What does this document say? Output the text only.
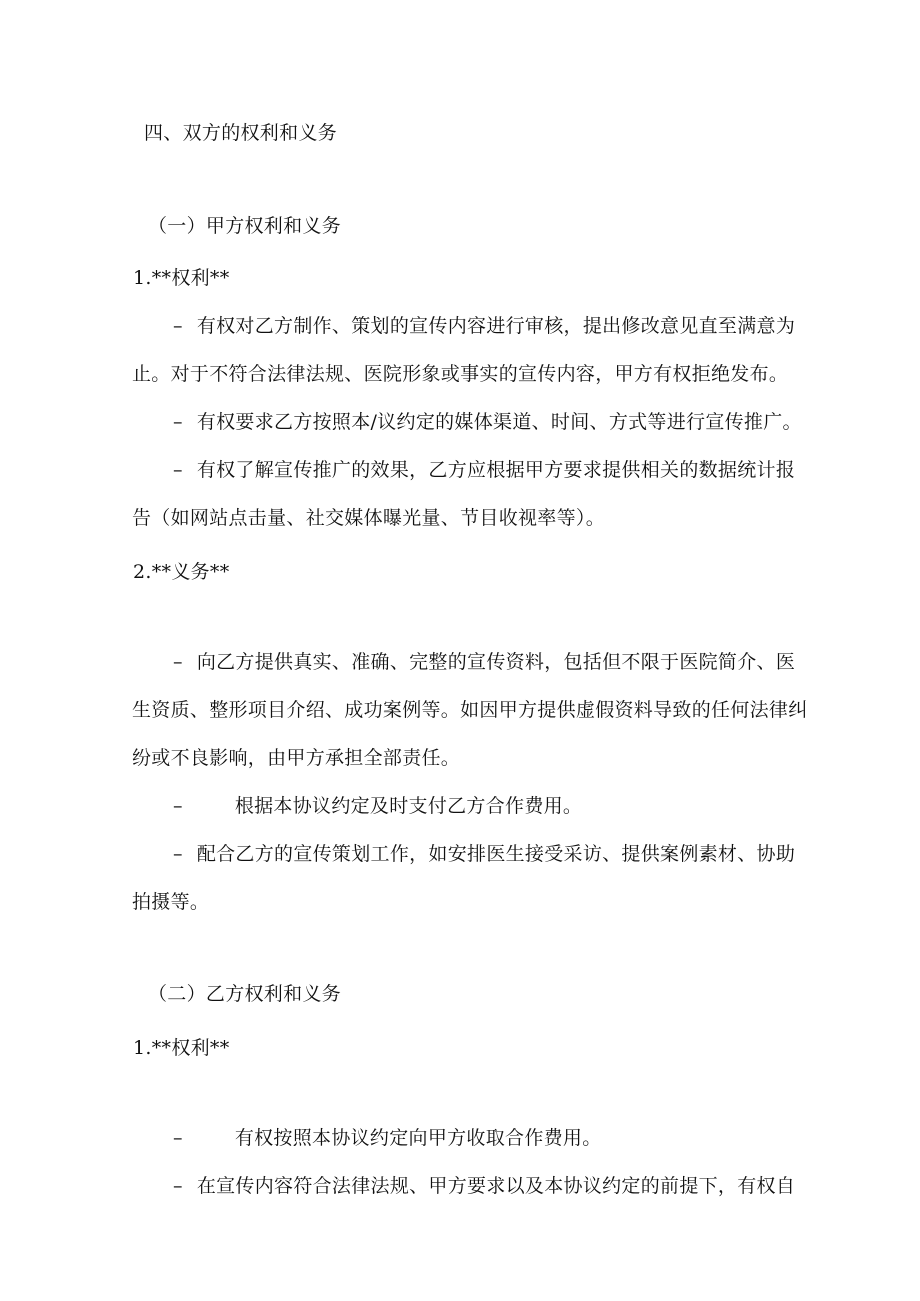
四、双方的权利和义务
（一）甲方权利和义务
1.**权利**
– 有权对乙方制作、策划的宣传内容进行审核，提出修改意见直至满意为
止。对于不符合法律法规、医院形象或事实的宣传内容，甲方有权拒绝发布。
– 有权要求乙方按照本/议约定的媒体渠道、时间、方式等进行宣传推广。
– 有权了解宣传推广的效果，乙方应根据甲方要求提供相关的数据统计报
告（如网站点击量、社交媒体曝光量、节目收视率等）。
2.**义务**
– 向乙方提供真实、准确、完整的宣传资料，包括但不限于医院简介、医
生资质、整形项目介绍、成功案例等。如因甲方提供虚假资料导致的任何法律纠
纷或不良影响，由甲方承担全部责任。
–	根据本协议约定及时支付乙方合作费用。
– 配合乙方的宣传策划工作，如安排医生接受采访、提供案例素材、协助
拍摄等。
（二）乙方权利和义务
1.**权利**
–	有权按照本协议约定向甲方收取合作费用。
– 在宣传内容符合法律法规、甲方要求以及本协议约定的前提下，有权自
